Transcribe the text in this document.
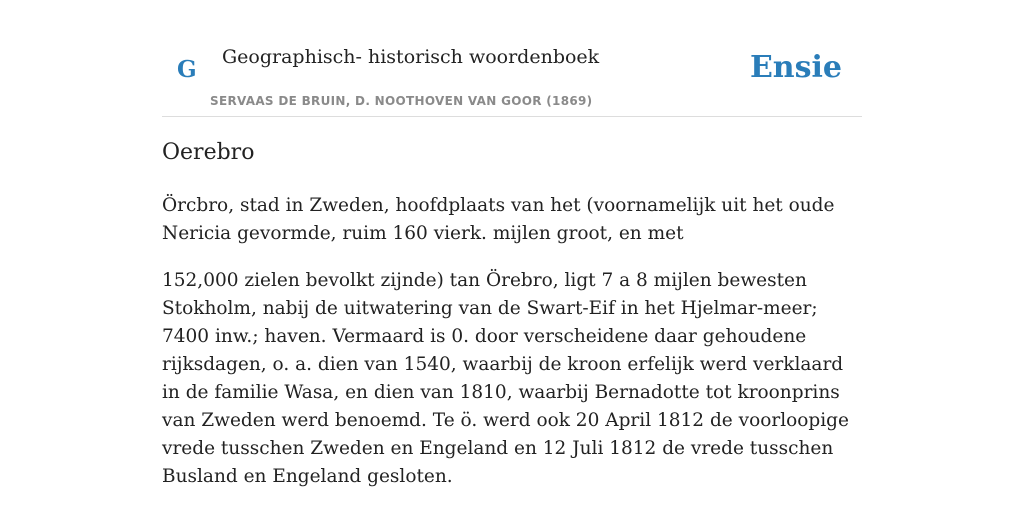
G Geographisch- historisch woordenboek
SERVAAS DE BRUIN, D. NOOTHOVEN VAN GOOR (1869)
Ensie
Oerebro

Örcbro, stad in Zweden, hoofdplaats van het (voornamelijk uit het oude Nericia gevormde, ruim 160 vierk. mijlen groot, en met

152,000 zielen bevolkt zijnde) tan Örebro, ligt 7 a 8 mijlen bewesten Stokholm, nabij de uitwatering van de Swart-Eif in het Hjelmar-meer; 7400 inw.; haven. Vermaard is 0. door verscheidene daar gehoudene rijksdagen, o. a. dien van 1540, waarbij de kroon erfelijk werd verklaard in de familie Wasa, en dien van 1810, waarbij Bernadotte tot kroonprins van Zweden werd benoemd. Te ö. werd ook 20 April 1812 de voorloopige vrede tusschen Zweden en Engeland en 12 Juli 1812 de vrede tusschen Busland en Engeland gesloten.
